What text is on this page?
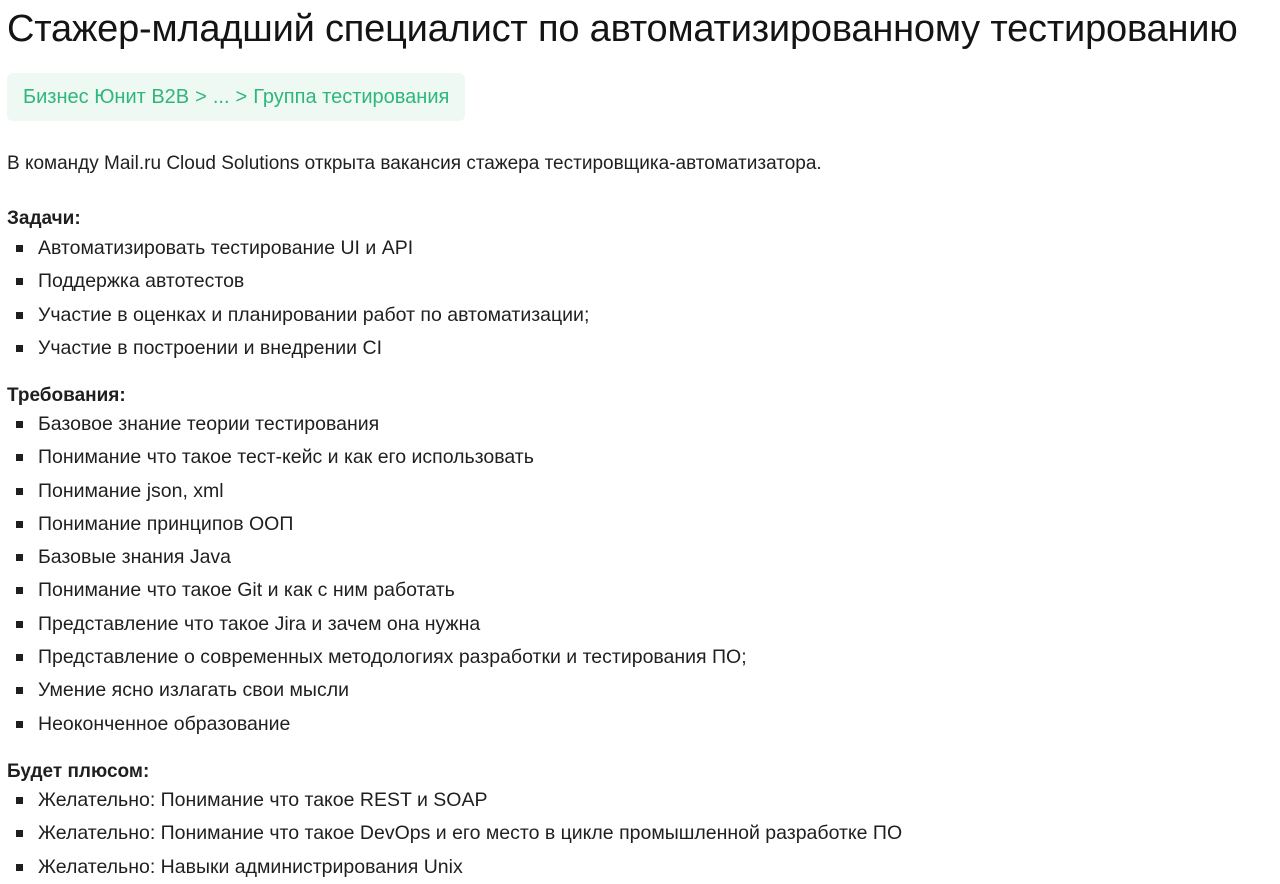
Стажер-младший специалист по автоматизированному тестированию
Бизнес Юнит B2B > ... > Группа тестирования

В команду Mail.ru Cloud Solutions открыта вакансия стажера тестировщика-автоматизатора.

Задачи:
Автоматизировать тестирование UI и API
Поддержка автотестов
Участие в оценках и планировании работ по автоматизации;
Участие в построении и внедрении CI
Требования:
Базовое знание теории тестирования
Понимание что такое тест-кейс и как его использовать
Понимание json, xml
Понимание принципов ООП
Базовые знания Java
Понимание что такое Git и как с ним работать
Представление что такое Jira и зачем она нужна
Представление о современных методологиях разработки и тестирования ПО;
Умение ясно излагать свои мысли
Неоконченное образование
Будет плюсом:
Желательно: Понимание что такое REST и SOAP
Желательно: Понимание что такое DevOps и его место в цикле промышленной разработке ПО
Желательно: Навыки администрирования Unix
